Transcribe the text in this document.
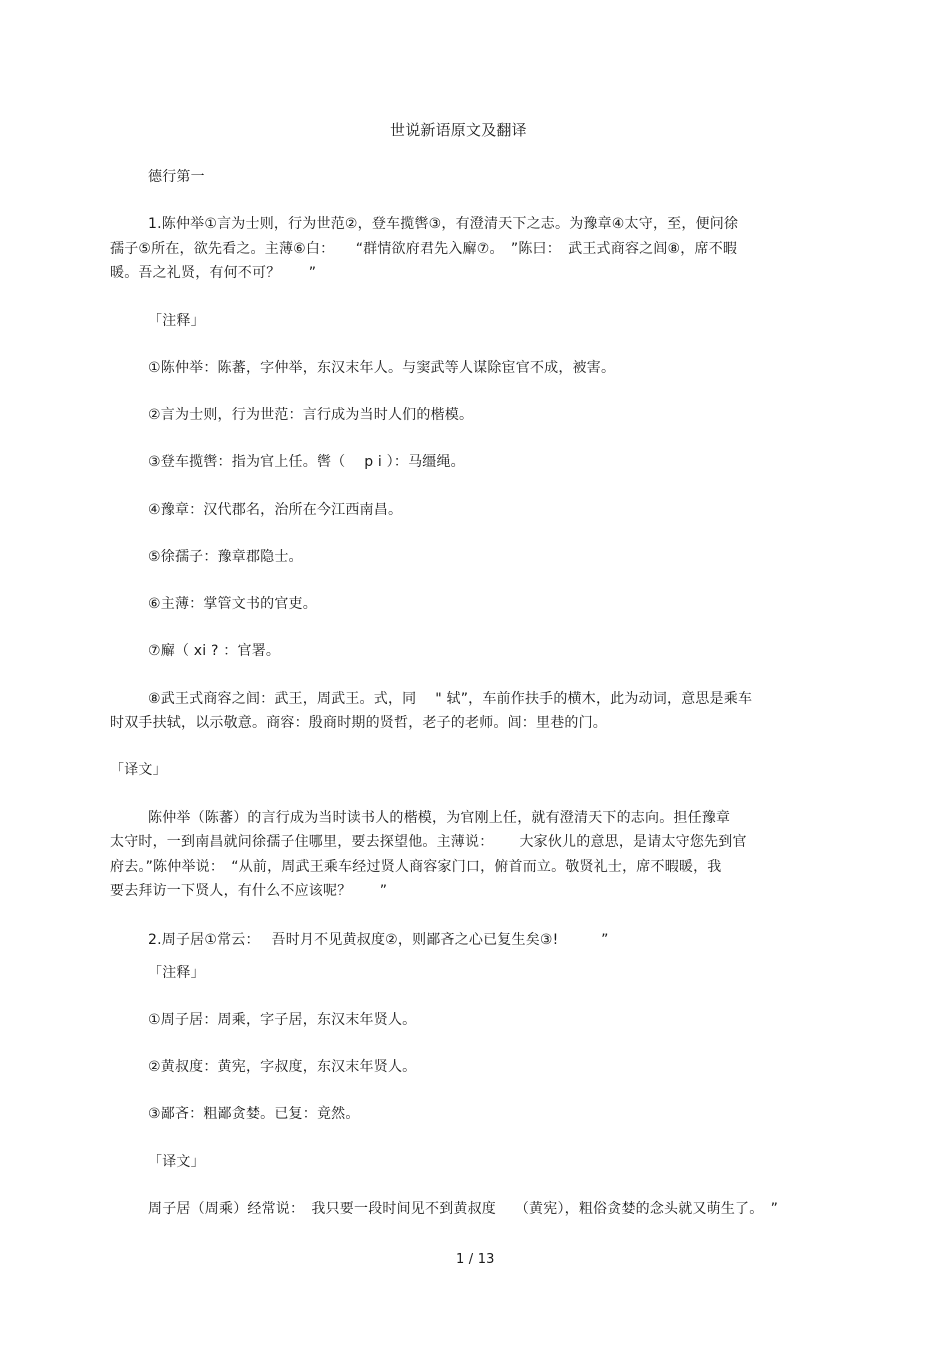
世说新语原文及翻译
德行第一
1.陈仲举①言为士则，行为世范②，登车揽辔③，有澄清天下之志。为豫章④太守，至，便问徐
孺子⑤所在，欲先看之。主薄⑥白：　　“群情欲府君先入廨⑦。　”陈曰：　武王式商容之闾⑧，席不暇
暖。吾之礼贤，有何不可？　　”
「注释」
①陈仲举：陈蕃，字仲举，东汉末年人。与窦武等人谋除宦官不成，被害。
②言为士则，行为世范：言行成为当时人们的楷模。
③登车揽辔：指为官上任。辔（　 p i ）：马缰绳。
④豫章：汉代郡名，治所在今江西南昌。
⑤徐孺子：豫章郡隐士。
⑥主薄：掌管文书的官吏。
⑦廨（ xi ? ：官署。
⑧武王式商容之闾：武王，周武王。式，同　 " 轼”，车前作扶手的横木，此为动词，意思是乘车
时双手扶轼，以示敬意。商容：殷商时期的贤哲，老子的老师。闾：里巷的门。
「译文」
陈仲举（陈蕃）的言行成为当时读书人的楷模，为官刚上任，就有澄清天下的志向。担任豫章
太守时，一到南昌就问徐孺子住哪里，要去探望他。主薄说：　　 大家伙儿的意思，是请太守您先到官
府去。”陈仲举说：　“从前，周武王乘车经过贤人商容家门口，俯首而立。敬贤礼士，席不暇暖，我
要去拜访一下贤人，有什么不应该呢？　　”
2.周子居①常云：　 吾时月不见黄叔度②，则鄙吝之心已复生矣③!　　　”
「注释」
①周子居：周乘，字子居，东汉末年贤人。
②黄叔度：黄宪，字叔度，东汉末年贤人。
③鄙吝：粗鄙贪婪。已复：竟然。
「译文」
周子居（周乘）经常说：　我只要一段时间见不到黄叔度　 （黄宪），粗俗贪婪的念头就又萌生了。　”
1 / 13
